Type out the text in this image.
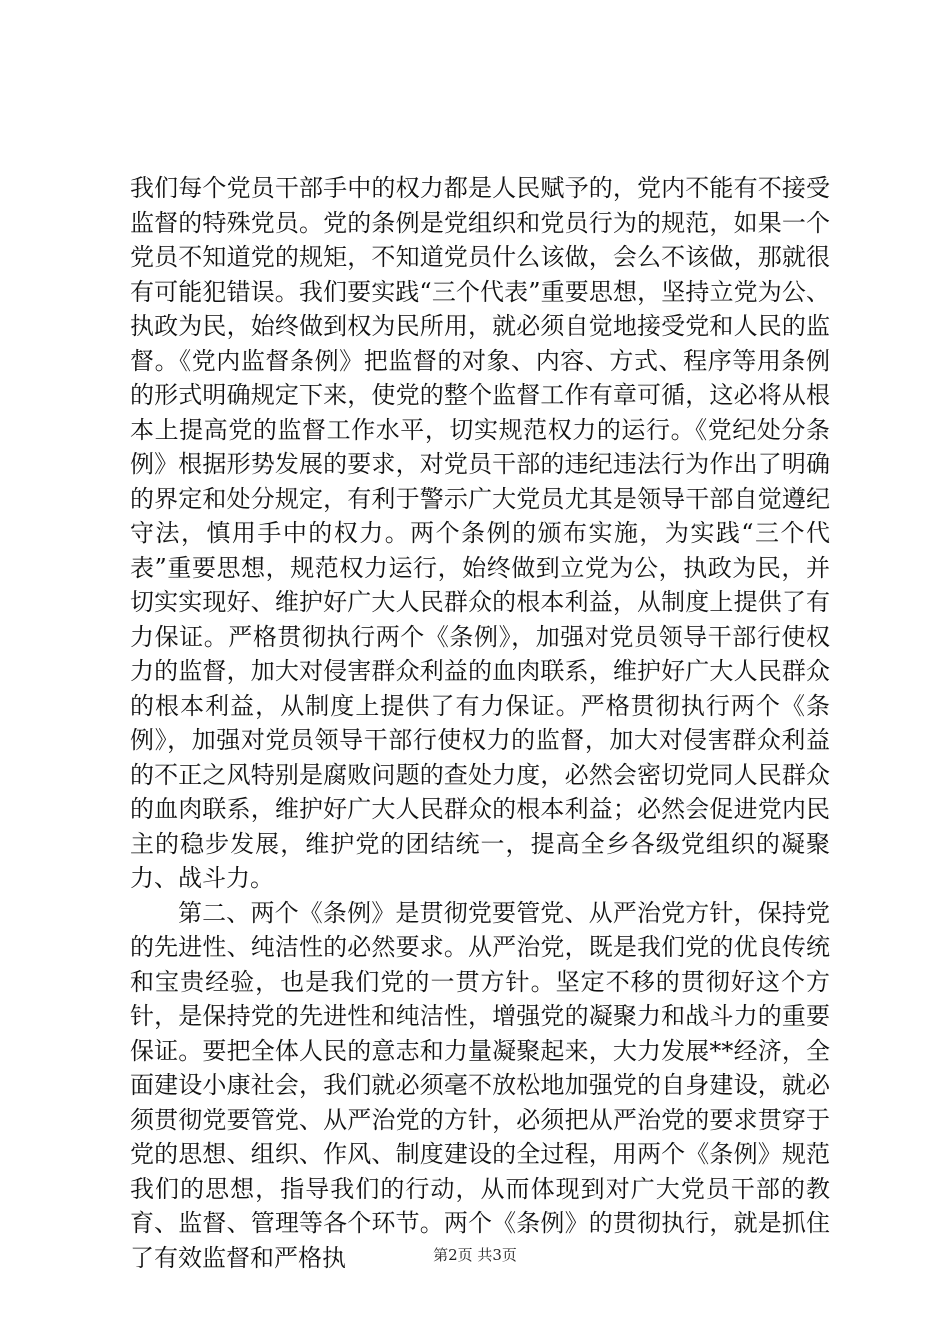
我们每个党员干部手中的权力都是人民赋予的，党内不能有不接受监督的特殊党员。党的条例是党组织和党员行为的规范，如果一个党员不知道党的规矩，不知道党员什么该做，会么不该做，那就很有可能犯错误。我们要实践“三个代表”重要思想，坚持立党为公、执政为民，始终做到权为民所用，就必须自觉地接受党和人民的监督。《党内监督条例》把监督的对象、内容、方式、程序等用条例的形式明确规定下来，使党的整个监督工作有章可循，这必将从根本上提高党的监督工作水平，切实规范权力的运行。《党纪处分条例》根据形势发展的要求，对党员干部的违纪违法行为作出了明确的界定和处分规定，有利于警示广大党员尤其是领导干部自觉遵纪守法，慎用手中的权力。两个条例的颁布实施，为实践“三个代表”重要思想，规范权力运行，始终做到立党为公，执政为民，并切实实现好、维护好广大人民群众的根本利益，从制度上提供了有力保证。严格贯彻执行两个《条例》，加强对党员领导干部行使权力的监督，加大对侵害群众利益的血肉联系，维护好广大人民群众的根本利益，从制度上提供了有力保证。严格贯彻执行两个《条例》，加强对党员领导干部行使权力的监督，加大对侵害群众利益的不正之风特别是腐败问题的查处力度，必然会密切党同人民群众的血肉联系，维护好广大人民群众的根本利益；必然会促进党内民主的稳步发展，维护党的团结统一，提高全乡各级党组织的凝聚力、战斗力。

第二、两个《条例》是贯彻党要管党、从严治党方针，保持党的先进性、纯洁性的必然要求。从严治党，既是我们党的优良传统和宝贵经验，也是我们党的一贯方针。坚定不移的贯彻好这个方针，是保持党的先进性和纯洁性，增强党的凝聚力和战斗力的重要保证。要把全体人民的意志和力量凝聚起来，大力发展**经济，全面建设小康社会，我们就必须毫不放松地加强党的自身建设，就必须贯彻党要管党、从严治党的方针，必须把从严治党的要求贯穿于党的思想、组织、作风、制度建设的全过程，用两个《条例》规范我们的思想，指导我们的行动，从而体现到对广大党员干部的教育、监督、管理等各个环节。两个《条例》的贯彻执行，就是抓住了有效监督和严格执	第2页 共3页
